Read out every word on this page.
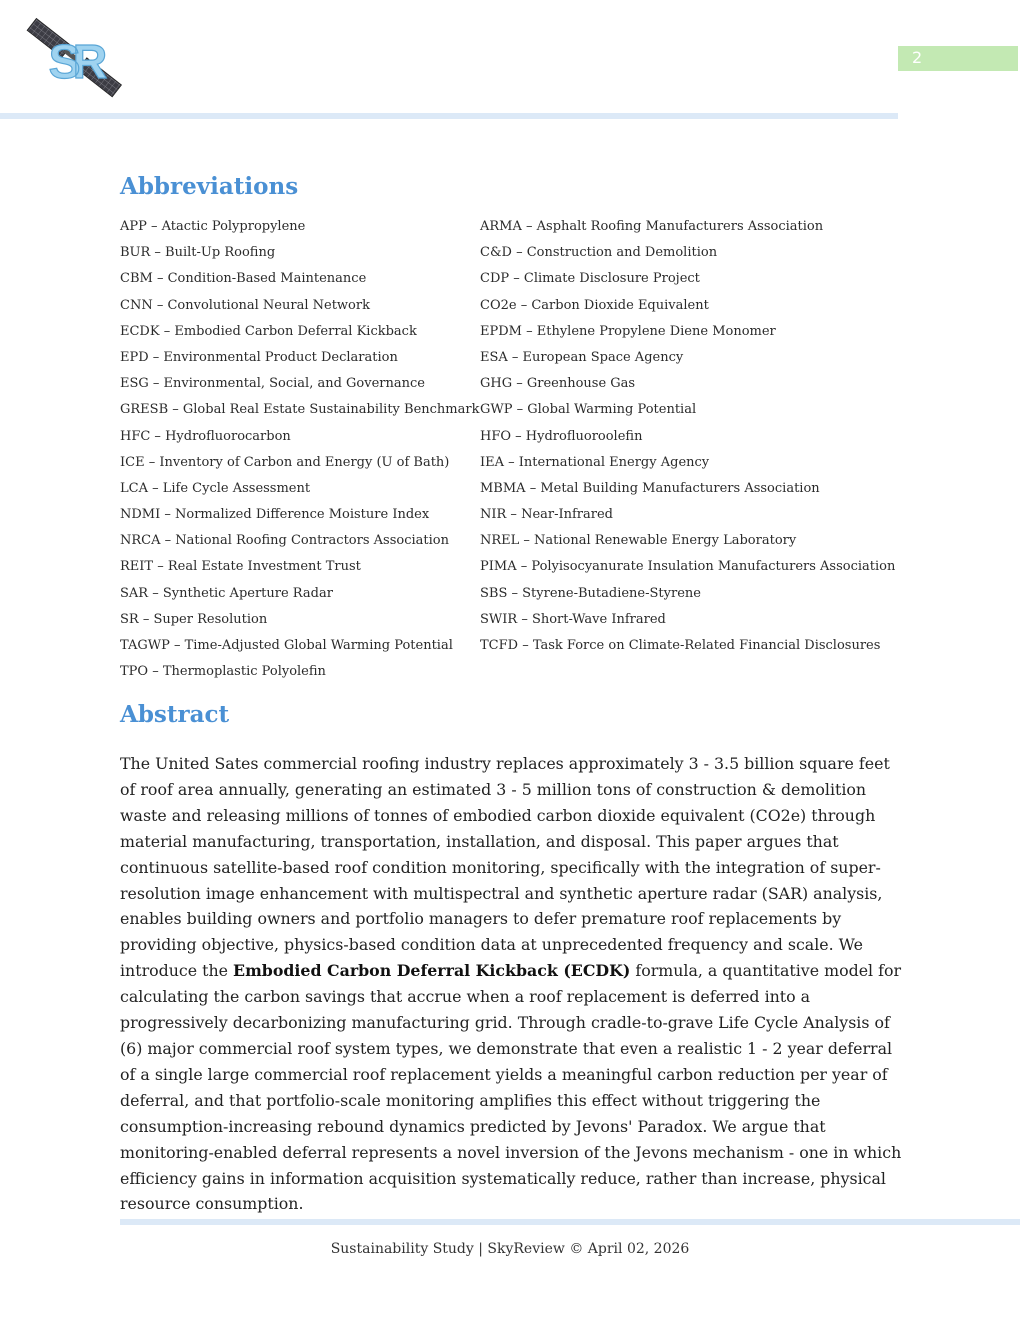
SR	2
Abbreviations
APP – Atactic Polypropylene
BUR – Built-Up Roofing
CBM – Condition-Based Maintenance
CNN – Convolutional Neural Network
ECDK – Embodied Carbon Deferral Kickback
EPD – Environmental Product Declaration
ESG – Environmental, Social, and Governance
GRESB – Global Real Estate Sustainability Benchmark
HFC – Hydrofluorocarbon
ICE – Inventory of Carbon and Energy (U of Bath)
LCA – Life Cycle Assessment
NDMI – Normalized Difference Moisture Index
NRCA – National Roofing Contractors Association
REIT – Real Estate Investment Trust
SAR – Synthetic Aperture Radar
SR – Super Resolution
TAGWP – Time-Adjusted Global Warming Potential
TPO – Thermoplastic Polyolefin
ARMA – Asphalt Roofing Manufacturers Association
C&D – Construction and Demolition
CDP – Climate Disclosure Project
CO2e – Carbon Dioxide Equivalent
EPDM – Ethylene Propylene Diene Monomer
ESA – European Space Agency
GHG – Greenhouse Gas
GWP – Global Warming Potential
HFO – Hydrofluoroolefin
IEA – International Energy Agency
MBMA – Metal Building Manufacturers Association
NIR – Near-Infrared
NREL – National Renewable Energy Laboratory
PIMA – Polyisocyanurate Insulation Manufacturers Association
SBS – Styrene-Butadiene-Styrene
SWIR – Short-Wave Infrared
TCFD – Task Force on Climate-Related Financial Disclosures
Abstract

The United Sates commercial roofing industry replaces approximately 3 - 3.5 billion square feet of roof area annually, generating an estimated 3 - 5 million tons of construction & demolition waste and releasing millions of tonnes of embodied carbon dioxide equivalent (CO2e) through material manufacturing, transportation, installation, and disposal. This paper argues that continuous satellite-based roof condition monitoring, specifically with the integration of super-resolution image enhancement with multispectral and synthetic aperture radar (SAR) analysis, enables building owners and portfolio managers to defer premature roof replacements by providing objective, physics-based condition data at unprecedented frequency and scale. We introduce the Embodied Carbon Deferral Kickback (ECDK) formula, a quantitative model for calculating the carbon savings that accrue when a roof replacement is deferred into a progressively decarbonizing manufacturing grid. Through cradle-to-grave Life Cycle Analysis of (6) major commercial roof system types, we demonstrate that even a realistic 1 - 2 year deferral of a single large commercial roof replacement yields a meaningful carbon reduction per year of deferral, and that portfolio-scale monitoring amplifies this effect without triggering the consumption-increasing rebound dynamics predicted by Jevons' Paradox. We argue that monitoring-enabled deferral represents a novel inversion of the Jevons mechanism - one in which efficiency gains in information acquisition systematically reduce, rather than increase, physical resource consumption.

Sustainability Study | SkyReview © April 02, 2026
